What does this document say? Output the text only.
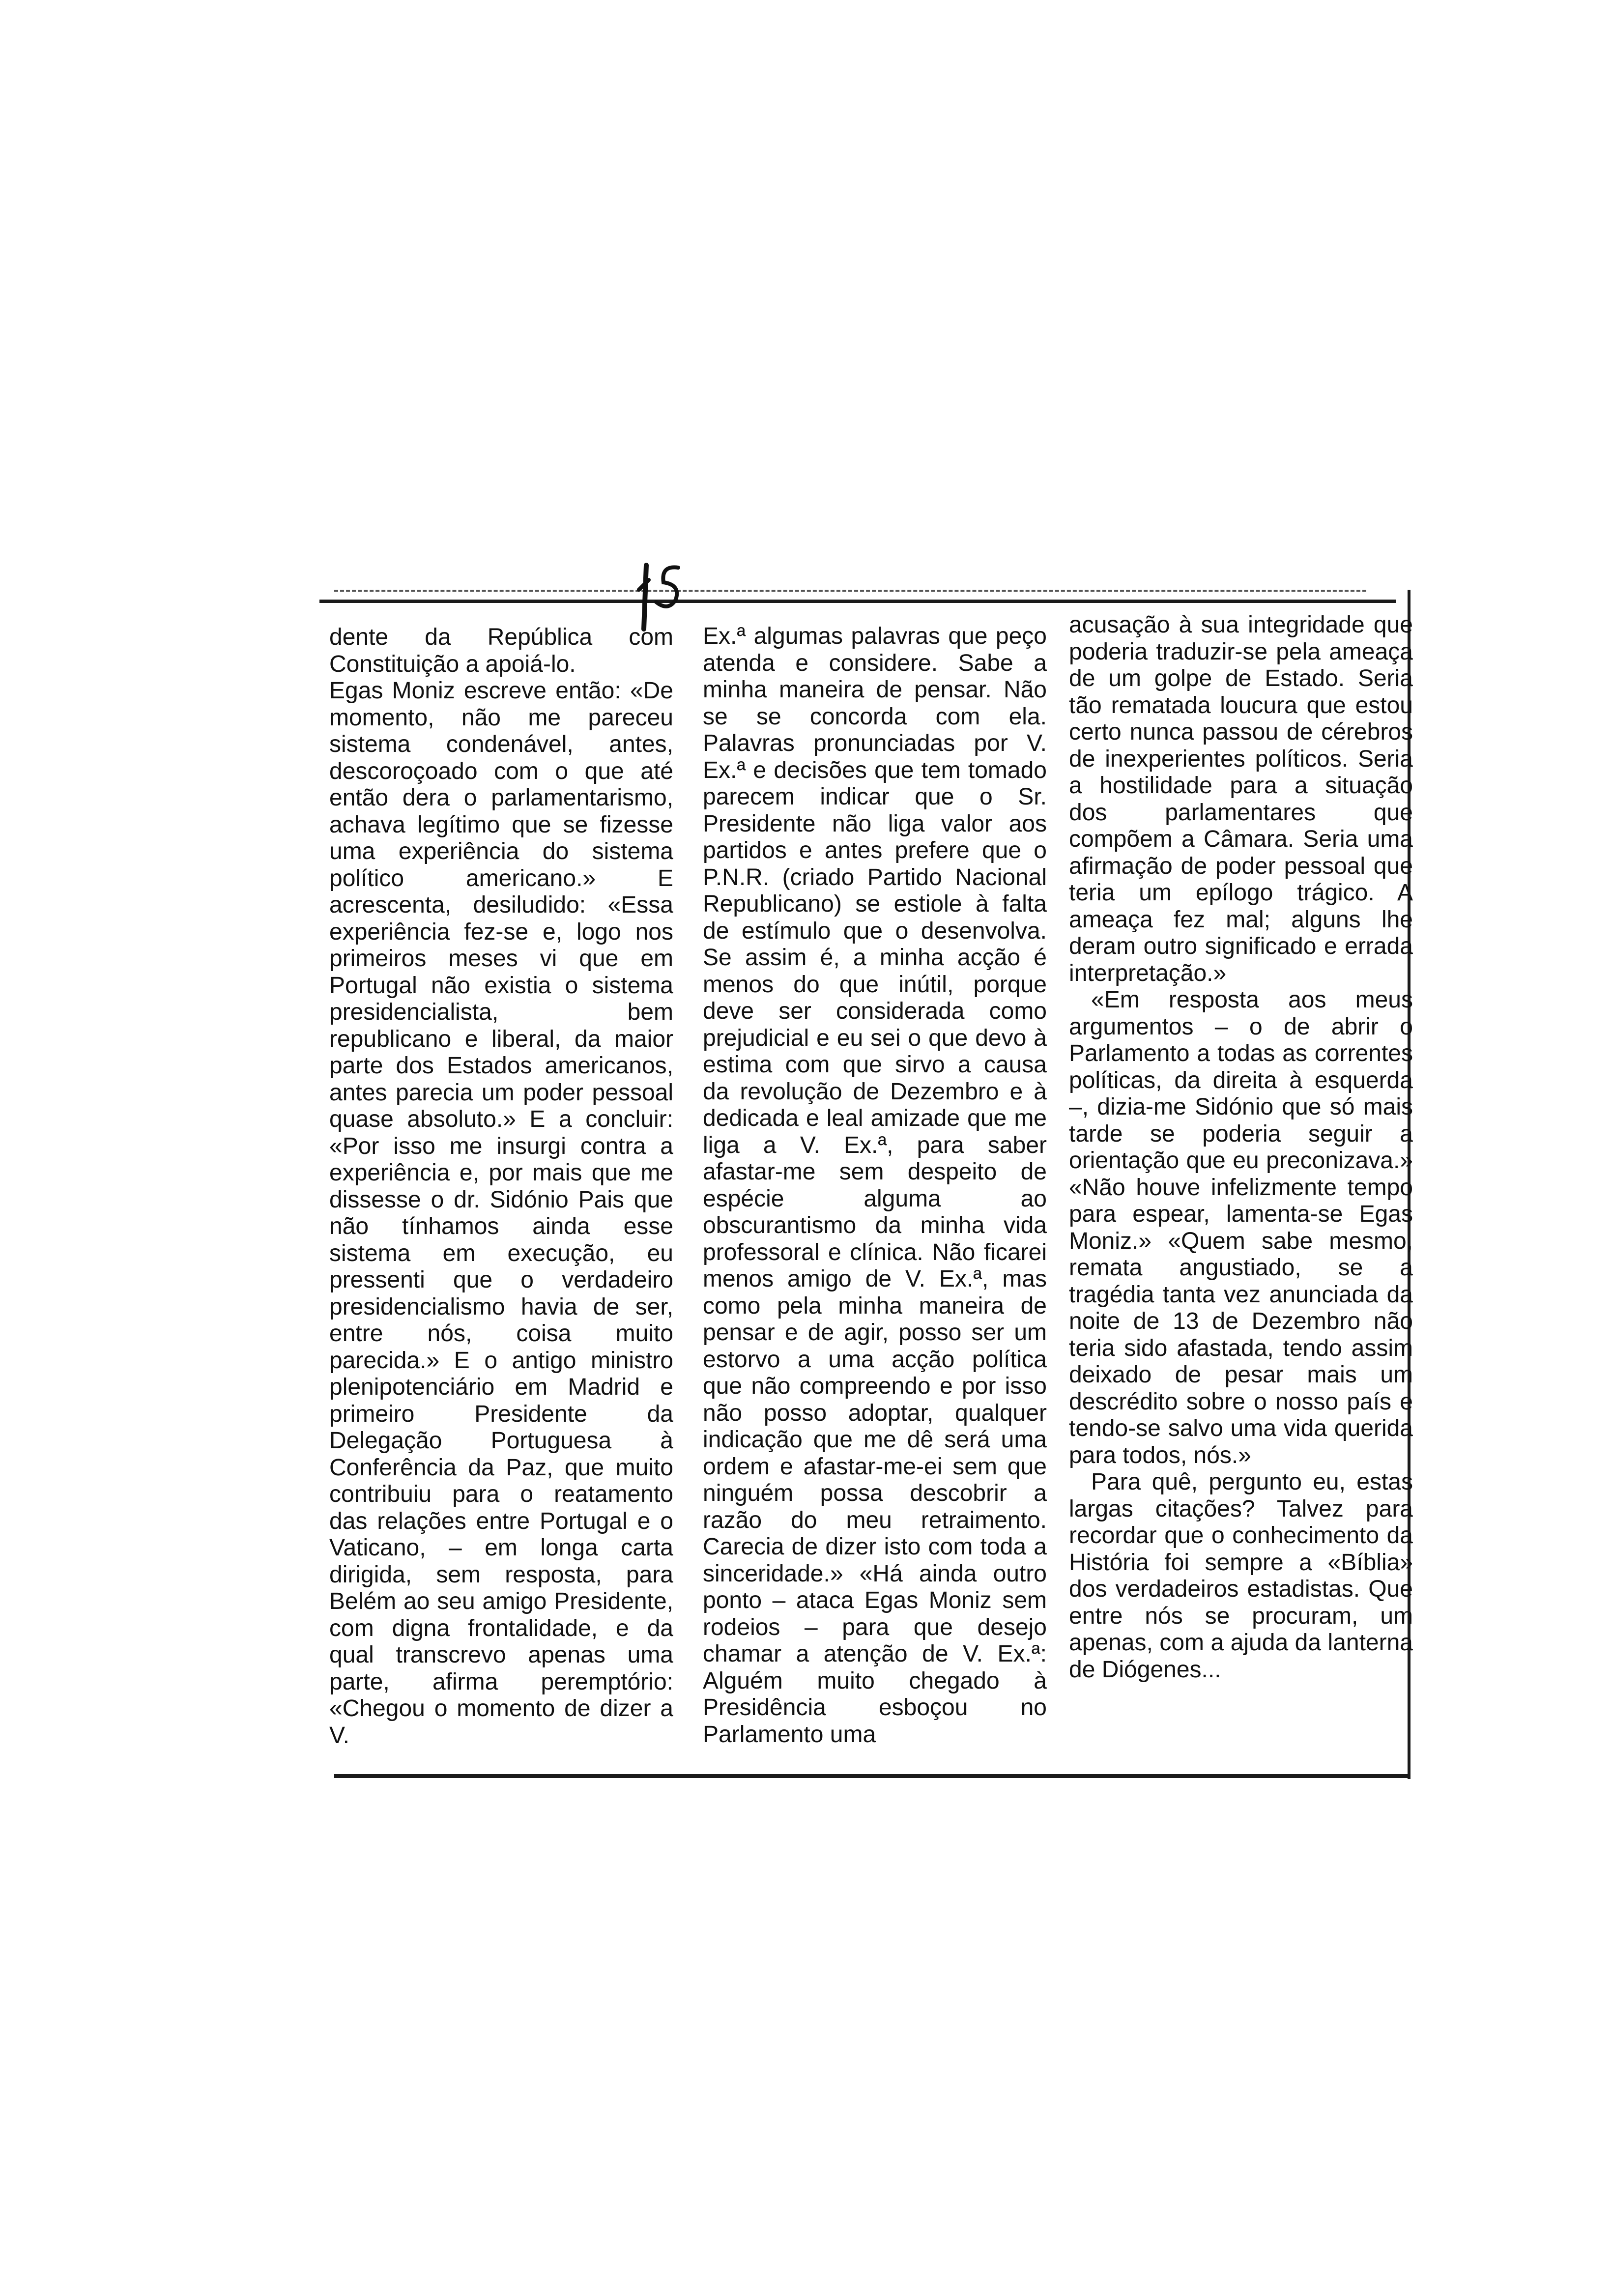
dente da República com Constituição a apoiá-lo.

Egas Moniz escreve então: «De momento, não me pareceu sistema condenável, antes, descoroçoado com o que até então dera o parlamentarismo, achava legítimo que se fizesse uma experiência do sistema político americano.» E acrescenta, desiludido: «Essa experiência fez-se e, logo nos primeiros meses vi que em Portugal não existia o sistema presidencialista, bem republicano e liberal, da maior parte dos Estados americanos, antes parecia um poder pessoal quase absoluto.» E a concluir: «Por isso me insurgi contra a experiência e, por mais que me dissesse o dr. Sidónio Pais que não tínhamos ainda esse sistema em execução, eu pressenti que o verdadeiro presidencialismo havia de ser, entre nós, coisa muito parecida.» E o antigo ministro plenipotenciário em Madrid e primeiro Presidente da Delegação Portuguesa à Conferência da Paz, que muito contribuiu para o reatamento das relações entre Portugal e o Vaticano, – em longa carta dirigida, sem resposta, para Belém ao seu amigo Presidente, com digna frontalidade, e da qual transcrevo apenas uma parte, afirma peremptório: «Chegou o momento de dizer a V.

Ex.ª algumas palavras que peço atenda e considere. Sabe a minha maneira de pensar. Não se se concorda com ela. Palavras pronunciadas por V. Ex.ª e decisões que tem tomado parecem indicar que o Sr. Presidente não liga valor aos partidos e antes prefere que o P.N.R. (criado Partido Nacional Republicano) se estiole à falta de estímulo que o desenvolva. Se assim é, a minha acção é menos do que inútil, porque deve ser considerada como prejudicial e eu sei o que devo à estima com que sirvo a causa da revolução de Dezembro e à dedicada e leal amizade que me liga a V. Ex.ª, para saber afastar-me sem despeito de espécie alguma ao obscurantismo da minha vida professoral e clínica. Não ficarei menos amigo de V. Ex.ª, mas como pela minha maneira de pensar e de agir, posso ser um estorvo a uma acção política que não compreendo e por isso não posso adoptar, qualquer indicação que me dê será uma ordem e afastar-me-ei sem que ninguém possa descobrir a razão do meu retraimento. Carecia de dizer isto com toda a sinceridade.» «Há ainda outro ponto – ataca Egas Moniz sem rodeios – para que desejo chamar a atenção de V. Ex.ª: Alguém muito chegado à Presidência esboçou no Parlamento uma

acusação à sua integridade que poderia traduzir-se pela ameaça de um golpe de Estado. Seria tão rematada loucura que estou certo nunca passou de cérebros de inexperientes políticos. Seria a hostilidade para a situação dos parlamentares que compõem a Câmara. Seria uma afirmação de poder pessoal que teria um epílogo trágico. A ameaça fez mal; alguns lhe deram outro significado e errada interpretação.»

«Em resposta aos meus argumentos – o de abrir o Parlamento a todas as correntes políticas, da direita à esquerda –, dizia-me Sidónio que só mais tarde se poderia seguir a orientação que eu preconizava.» «Não houve infelizmente tempo para espear, lamenta-se Egas Moniz.» «Quem sabe mesmo, remata angustiado, se a tragédia tanta vez anunciada da noite de 13 de Dezembro não teria sido afastada, tendo assim deixado de pesar mais um descrédito sobre o nosso país e tendo-se salvo uma vida querida para todos, nós.»

Para quê, pergunto eu, estas largas citações? Talvez para recordar que o conhecimento da História foi sempre a «Bíblia» dos verdadeiros estadistas. Que entre nós se procuram, um apenas, com a ajuda da lanterna de Diógenes...
